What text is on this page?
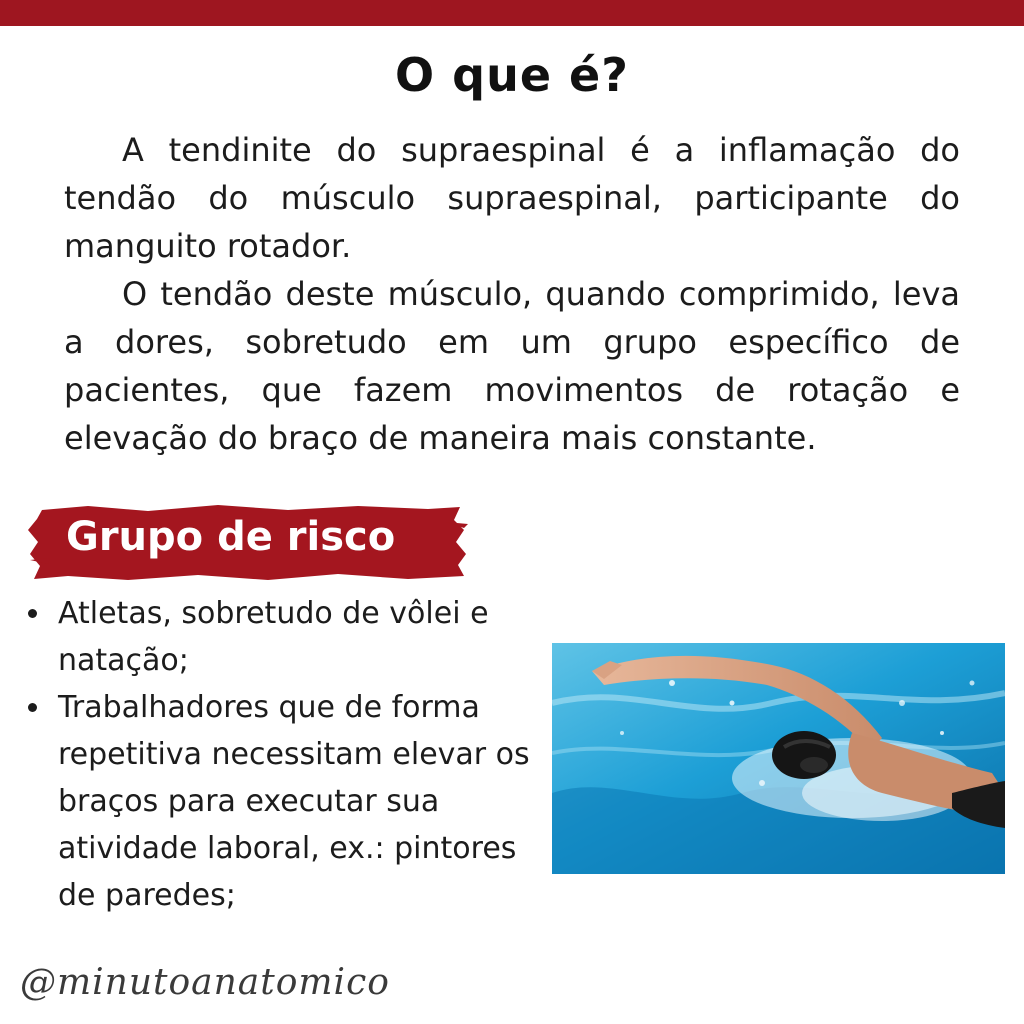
O que é?

A tendinite do supraespinal é a inflamação do tendão do músculo supraespinal, participante do manguito rotador.

O tendão deste músculo, quando comprimido, leva a dores, sobretudo em um grupo específico de pacientes, que fazem movimentos de rotação e elevação do braço de maneira mais constante.

Grupo de risco
Atletas, sobretudo de vôlei e natação;
Trabalhadores que de forma repetitiva necessitam elevar os braços para executar sua atividade laboral, ex.: pintores de paredes;
@minutoanatomico
